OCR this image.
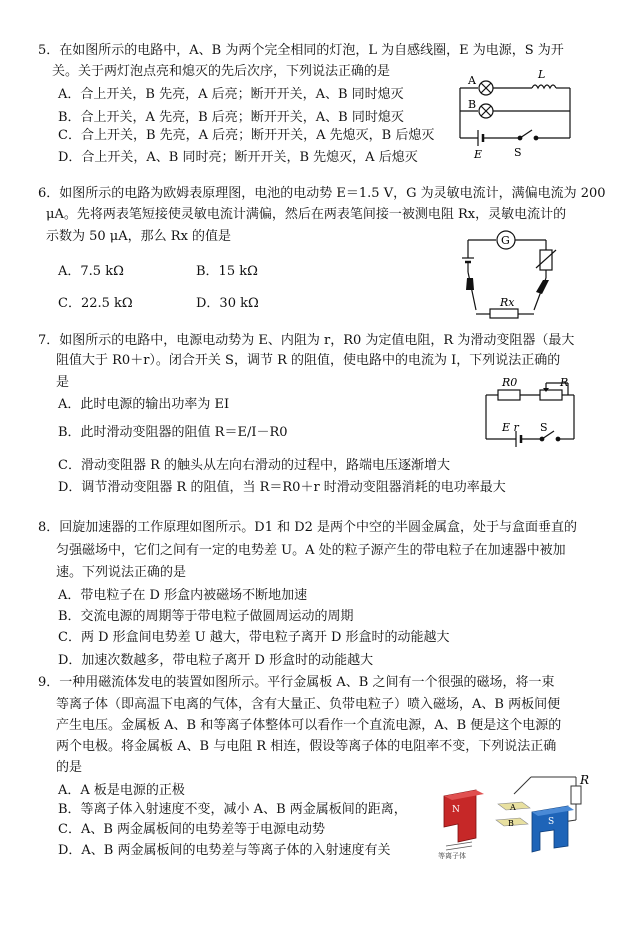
5．在如图所示的电路中，A、B 为两个完全相同的灯泡，L 为自感线圈，E 为电源，S 为开
关。关于两灯泡点亮和熄灭的先后次序，下列说法正确的是
A．合上开关，B 先亮，A 后亮；断开开关，A、B 同时熄灭
B．合上开关，A 先亮，B 后亮；断开开关，A、B 同时熄灭
C．合上开关，B 先亮，A 后亮；断开开关，A 先熄灭，B 后熄灭
D．合上开关，A、B 同时亮；断开开关，B 先熄灭，A 后熄灭
A
B
L
E	S
6．如图所示的电路为欧姆表原理图，电池的电动势 E＝1.5 V，G 为灵敏电流计，满偏电流为 200
μA。先将两表笔短接使灵敏电流计满偏，然后在两表笔间接一被测电阻 Rx，灵敏电流计的
示数为 50 μA，那么 Rx 的值是
A．7.5 kΩ	B．15 kΩ
C．22.5 kΩ	D．30 kΩ
G
Rx
7．如图所示的电路中，电源电动势为 E、内阻为 r，R0 为定值电阻，R 为滑动变阻器（最大
阻值大于 R0＋r）。闭合开关 S，调节 R 的阻值，使电路中的电流为 I，下列说法正确的
是
A．此时电源的输出功率为 EI
B．此时滑动变阻器的阻值 R＝E/I－R0
C．滑动变阻器 R 的触头从左向右滑动的过程中，路端电压逐渐增大
D．调节滑动变阻器 R 的阻值，当 R＝R0＋r 时滑动变阻器消耗的电功率最大
R0	R
E r S
8．回旋加速器的工作原理如图所示。D1 和 D2 是两个中空的半圆金属盒，处于与盒面垂直的
匀强磁场中，它们之间有一定的电势差 U。A 处的粒子源产生的带电粒子在加速器中被加
速。下列说法正确的是
A．带电粒子在 D 形盒内被磁场不断地加速
B．交流电源的周期等于带电粒子做圆周运动的周期
C．两 D 形盒间电势差 U 越大，带电粒子离开 D 形盒时的动能越大
D．加速次数越多，带电粒子离开 D 形盒时的动能越大
9．一种用磁流体发电的装置如图所示。平行金属板 A、B 之间有一个很强的磁场，将一束
等离子体（即高温下电离的气体，含有大量正、负带电粒子）喷入磁场，A、B 两板间便
产生电压。金属板 A、B 和等离子体整体可以看作一个直流电源，A、B 便是这个电源的
两个电极。将金属板 A、B 与电阻 R 相连，假设等离子体的电阻率不变，下列说法正确
的是
A．A 板是电源的正极
B．等离子体入射速度不变，减小 A、B 两金属板间的距离，
C．A、B 两金属板间的电势差等于电源电动势
D．A、B 两金属板间的电势差与等离子体的入射速度有关
N	A
B	S
等离子体
R
